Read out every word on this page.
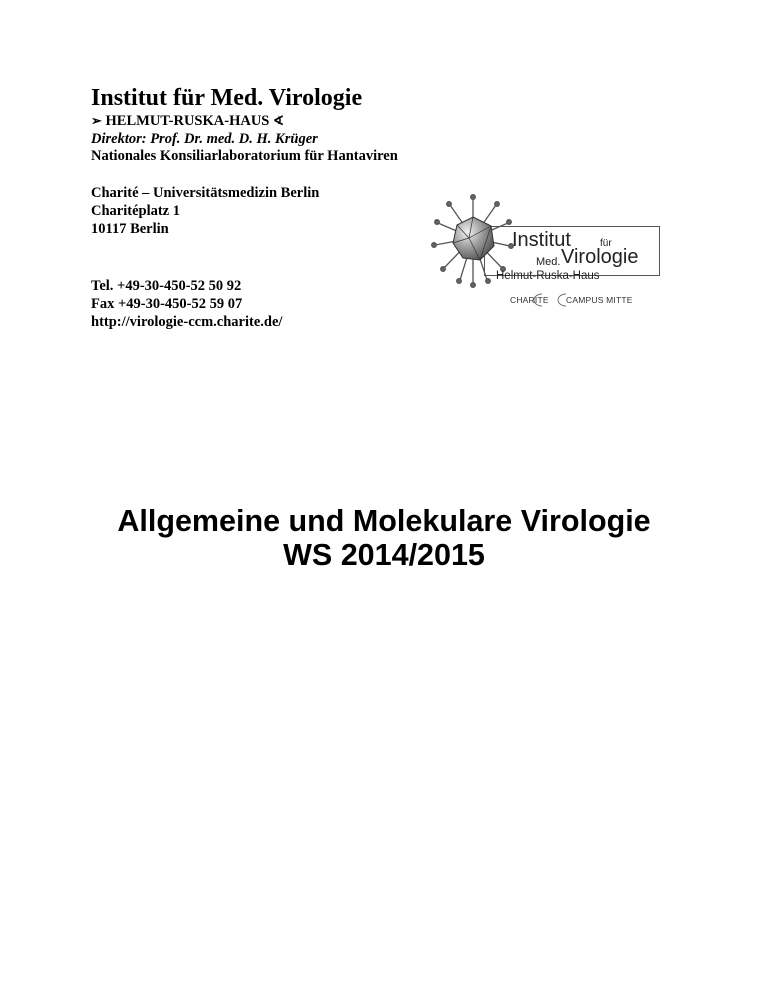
Institut für Med. Virologie
➢ HELMUT-RUSKA-HAUS ∢
Direktor: Prof. Dr. med. D. H. Krüger
Nationales Konsiliarlaboratorium für Hantaviren
Charité – Universitätsmedizin Berlin
Charitéplatz 1
10117 Berlin
Tel. +49-30-450-52 50 92
Fax +49-30-450-52 59 07
http://virologie-ccm.charite.de/
Institut	für
Med. Virologie
Helmut-Ruska-Haus
CHARITE CAMPUS MITTE
Allgemeine und Molekulare Virologie
WS 2014/2015
